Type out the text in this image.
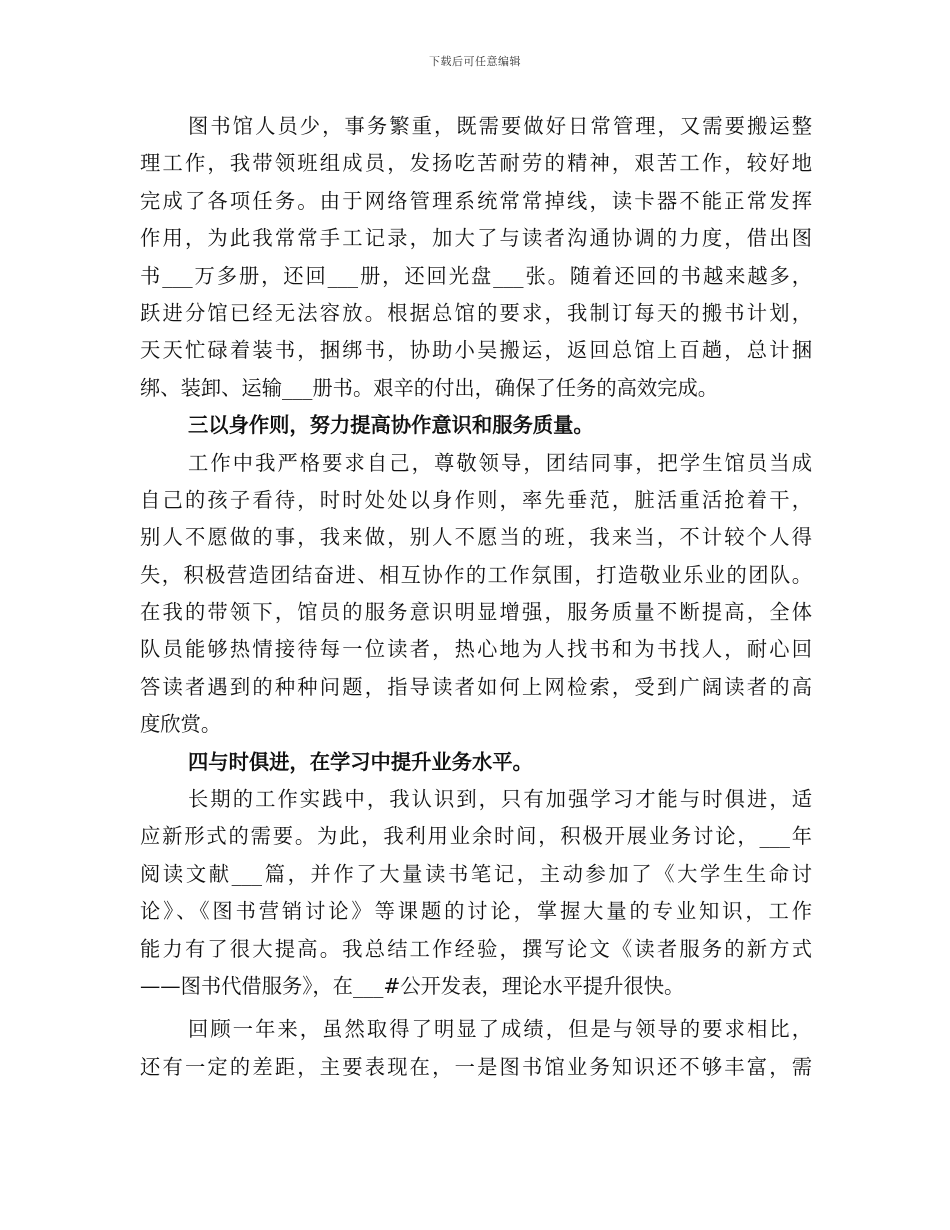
下载后可任意编辑
图书馆人员少，事务繁重，既需要做好日常管理，又需要搬运整
理工作，我带领班组成员，发扬吃苦耐劳的精神，艰苦工作，较好地
完成了各项任务。由于网络管理系统常常掉线，读卡器不能正常发挥
作用，为此我常常手工记录，加大了与读者沟通协调的力度，借出图
书___万多册，还回___册，还回光盘___张。随着还回的书越来越多，
跃进分馆已经无法容放。根据总馆的要求，我制订每天的搬书计划，
天天忙碌着装书，捆绑书，协助小吴搬运，返回总馆上百趟，总计捆
绑、装卸、运输___册书。艰辛的付出，确保了任务的高效完成。
三以身作则，努力提高协作意识和服务质量。
工作中我严格要求自己，尊敬领导，团结同事，把学生馆员当成
自己的孩子看待，时时处处以身作则，率先垂范，脏活重活抢着干，
别人不愿做的事，我来做，别人不愿当的班，我来当，不计较个人得
失，积极营造团结奋进、相互协作的工作氛围，打造敬业乐业的团队。
在我的带领下，馆员的服务意识明显增强，服务质量不断提高，全体
队员能够热情接待每一位读者，热心地为人找书和为书找人，耐心回
答读者遇到的种种问题，指导读者如何上网检索，受到广阔读者的高
度欣赏。
四与时俱进，在学习中提升业务水平。
长期的工作实践中，我认识到，只有加强学习才能与时俱进，适
应新形式的需要。为此，我利用业余时间，积极开展业务讨论，___年
阅读文献___篇，并作了大量读书笔记，主动参加了《大学生生命讨
论》、《图书营销讨论》等课题的讨论，掌握大量的专业知识，工作
能力有了很大提高。我总结工作经验，撰写论文《读者服务的新方式
——图书代借服务》，在___#公开发表，理论水平提升很快。
回顾一年来，虽然取得了明显了成绩，但是与领导的要求相比，
还有一定的差距，主要表现在，一是图书馆业务知识还不够丰富，需
